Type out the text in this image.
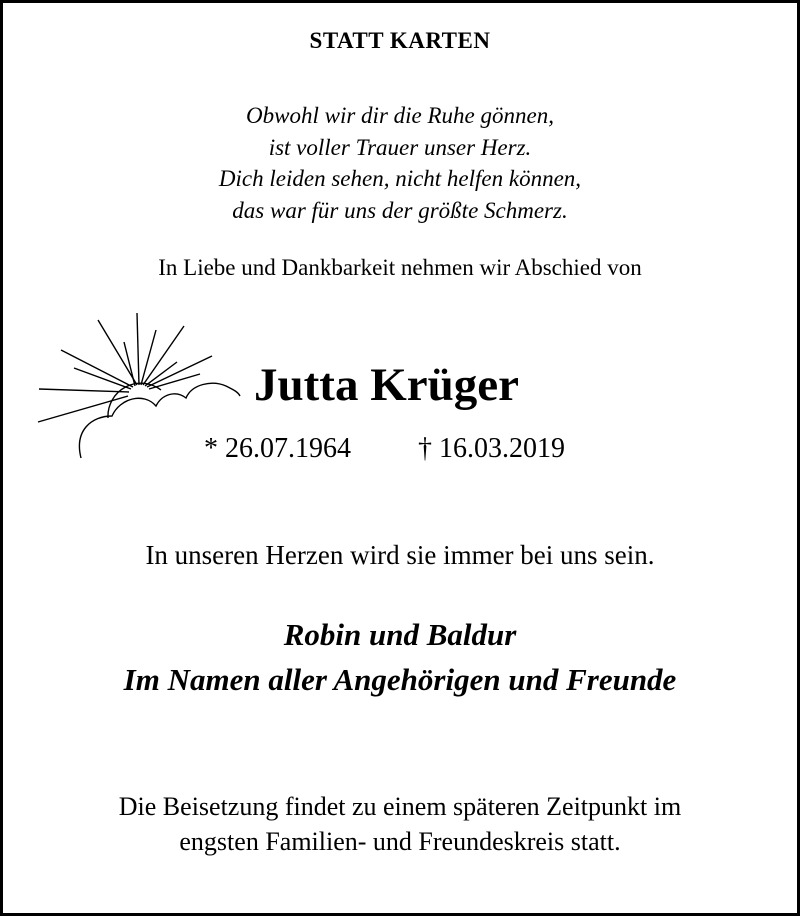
STATT KARTEN
Obwohl wir dir die Ruhe gönnen,
ist voller Trauer unser Herz.
Dich leiden sehen, nicht helfen können,
das war für uns der größte Schmerz.
In Liebe und Dankbarkeit nehmen wir Abschied von
Jutta Krüger
* 26.07.1964 † 16.03.2019
In unseren Herzen wird sie immer bei uns sein.
Robin und Baldur
Im Namen aller Angehörigen und Freunde
Die Beisetzung findet zu einem späteren Zeitpunkt im
engsten Familien- und Freundeskreis statt.
